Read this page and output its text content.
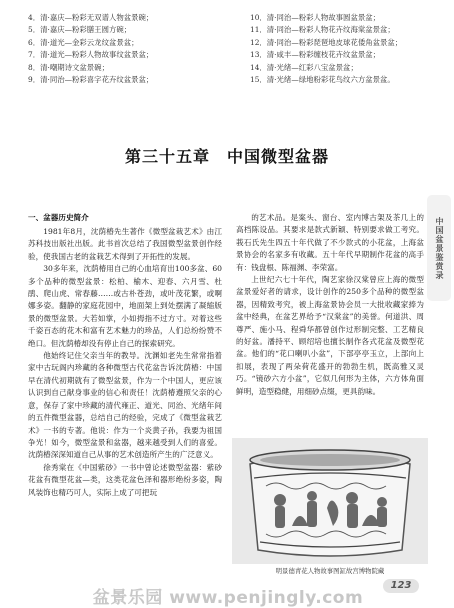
4．清·嘉庆—粉彩无双谱人物盆景碗；
5．清·嘉庆—粉彩膳王圆方碗；
6．清·道光—金彩云龙纹盆景盆；
7．清·道光—粉彩人物故事纹盆景盆；
8．清·嘲期诗文盆景碗；
9．清·同治—粉彩喜字花卉纹盆景盆；
10．清·同治—粉彩人物故事圆盆景盆；
11．清·同治—粉彩人物花卉纹海棠盆景盆；
12．清·同治—粉彩琵琶地皮球花倭角盆景盆；
13．清·咸丰—粉彩缠枝花卉纹盆景盆；
14．清·光绪—红彩八宝盆景盆；
15．清·光绪—绿地粉彩花鸟纹六方盆景盆。
第三十五章　中国微型盆器
一、盆器历史简介

1981年8月，沈荫椿先生著作《微型盆栽艺术》由江苏科技出版社出版。此书首次总结了我国微型盆景创作经验，使我国古老的盆栽艺术得到了开拓性的发展。

30多年来，沈荫椿用自己的心血培育出100多盆、60多个品种的微型盆景：松柏、榆木、迎春、六月雪、杜鹃、爬山虎、常春藤……或古朴苍劲，或叶茂花繁，或啊娜多姿。翻静的家庭花园中，地面架上到处摆满了凝缩版景的微型盆景。大若如掌，小如拇指不过方寸。对着这些千姿百态的花木和富有艺术魅力的珍品，人们总纷纷赞不绝口。但沈荫椿却没有停止自己的探索研究。

他始终记住父亲当年的教导。沈渊如老先生常常指着家中古玩阁内珍藏的各种微型古代花盆告诉沈荫椿：中国早在清代初期就有了微型盆景，作为一个中国人，更应该认识到自己献身事业的信心和责任！沈荫椿遵照父亲的心意，保存了家中珍藏的清代雍正、道光、同治、光绪年间的五件微型盆器，总结自己的经验，完成了《微型盆栽艺术》一书的专著。他说：作为一个炎黄子孙，我要为祖国争光！如今，微型盆景和盆器，越来越受到人们的喜爱。沈荫椿深深知道自己从事的艺术创造所产生的广泛意义。

徐秀棠在《中国紫砂》一书中曾论述微型盆器：紫砂花盆有微型花盆—类，这类花盆色泽和器形绝纷多姿，陶风装饰也精巧可人，实际上成了可把玩

的艺术品。是案头、窗台、室内博古架及茶几上的高档陈设品。其要求是款式新颖、特别要求做工考究。莪石氏先生四五十年代做了不少款式的小花盆，上海盆景协会的名家多有收藏。五十年代早期制作花盆的高手有：钱盘根、陈福渊、李荣富。

上世纪六七十年代，陶艺家徐汉棠曾应上海的微型盆景爱好者的请求，设计创作的250多个品种的微型盆器，因精致考究，被上海盆景协会员一大批收藏家捧为盆中经典，在盆艺界给予“汉棠盆”的美誉。何道洪、周尊严、施小马、程舜华都曾创作过形制完整、工艺精良的好盆。潘持平、顾绍培也擅长制作各式花盆及微型花盆。他们的“花口喇叭小盆”，下部亭亭玉立，上部向上扣展，表现了两朵荷花盛开的勃勃生机，既高雅又灵巧。“镜砂六方小盆”，它似几何形为主体，六方体角面鲜明，造型稳健，用细砂点缀，更具韵味。

中国盆景鉴赏录
明景德青花人物故事图缸故宫博物院藏
123
盆景乐园 www.penjingly.com
